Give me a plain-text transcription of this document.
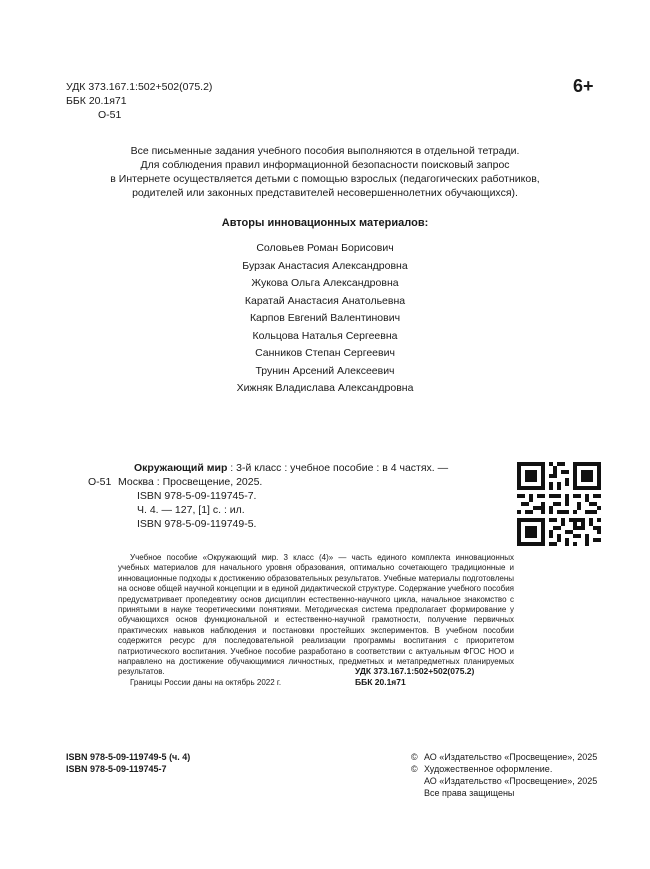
УДК 373.167.1:502+502(075.2)
ББК 20.1я71
О-51
6+
Все письменные задания учебного пособия выполняются в отдельной тетради.
Для соблюдения правил информационной безопасности поисковый запрос
в Интернете осуществляется детьми с помощью взрослых (педагогических работников,
родителей или законных представителей несовершеннолетних обучающихся).
Авторы инновационных материалов:
Соловьев Роман Борисович
Бурзак Анастасия Александровна
Жукова Ольга Александровна
Каратай Анастасия Анатольевна
Карпов Евгений Валентинович
Кольцова Наталья Сергеевна
Санников Степан Сергеевич
Трунин Арсений Алексеевич
Хижняк Владислава Александровна
Окружающий мир : 3-й класс : учебное пособие : в 4 частях. —
О-51 Москва : Просвещение, 2025.
ISBN 978-5-09-119745-7.
Ч. 4. — 127, [1] с. : ил.
ISBN 978-5-09-119749-5.
Учебное пособие «Окружающий мир. 3 класс (4)» — часть единого комплекта инновационных учебных материалов для начального уровня образования, оптимально сочетающего традиционные и инновационные подходы к достижению образовательных результатов. Учебные материалы подготовлены на основе общей научной концепции и в единой дидактической структуре. Содержание учебного пособия предусматривает пропедевтику основ дисциплин естественно-научного цикла, начальное знакомство с принятыми в науке теоретическими понятиями. Методическая система предполагает формирование у обучающихся основ функциональной и естественно-научной грамотности, получение первичных практических навыков наблюдения и постановки простейших экспериментов. В учебном пособии содержится ресурс для последовательной реализации программы воспитания с приоритетом патриотического воспитания. Учебное пособие разработано в соответствии с актуальным ФГОС НОО и направлено на достижение обучающимися личностных, предметных и метапредметных планируемых результатов.
Границы России даны на октябрь 2022 г.
УДК 373.167.1:502+502(075.2)
ББК 20.1я71
ISBN 978-5-09-119749-5 (ч. 4)
ISBN 978-5-09-119745-7
© АО «Издательство «Просвещение», 2025
© Художественное оформление.
АО «Издательство «Просвещение», 2025
Все права защищены
